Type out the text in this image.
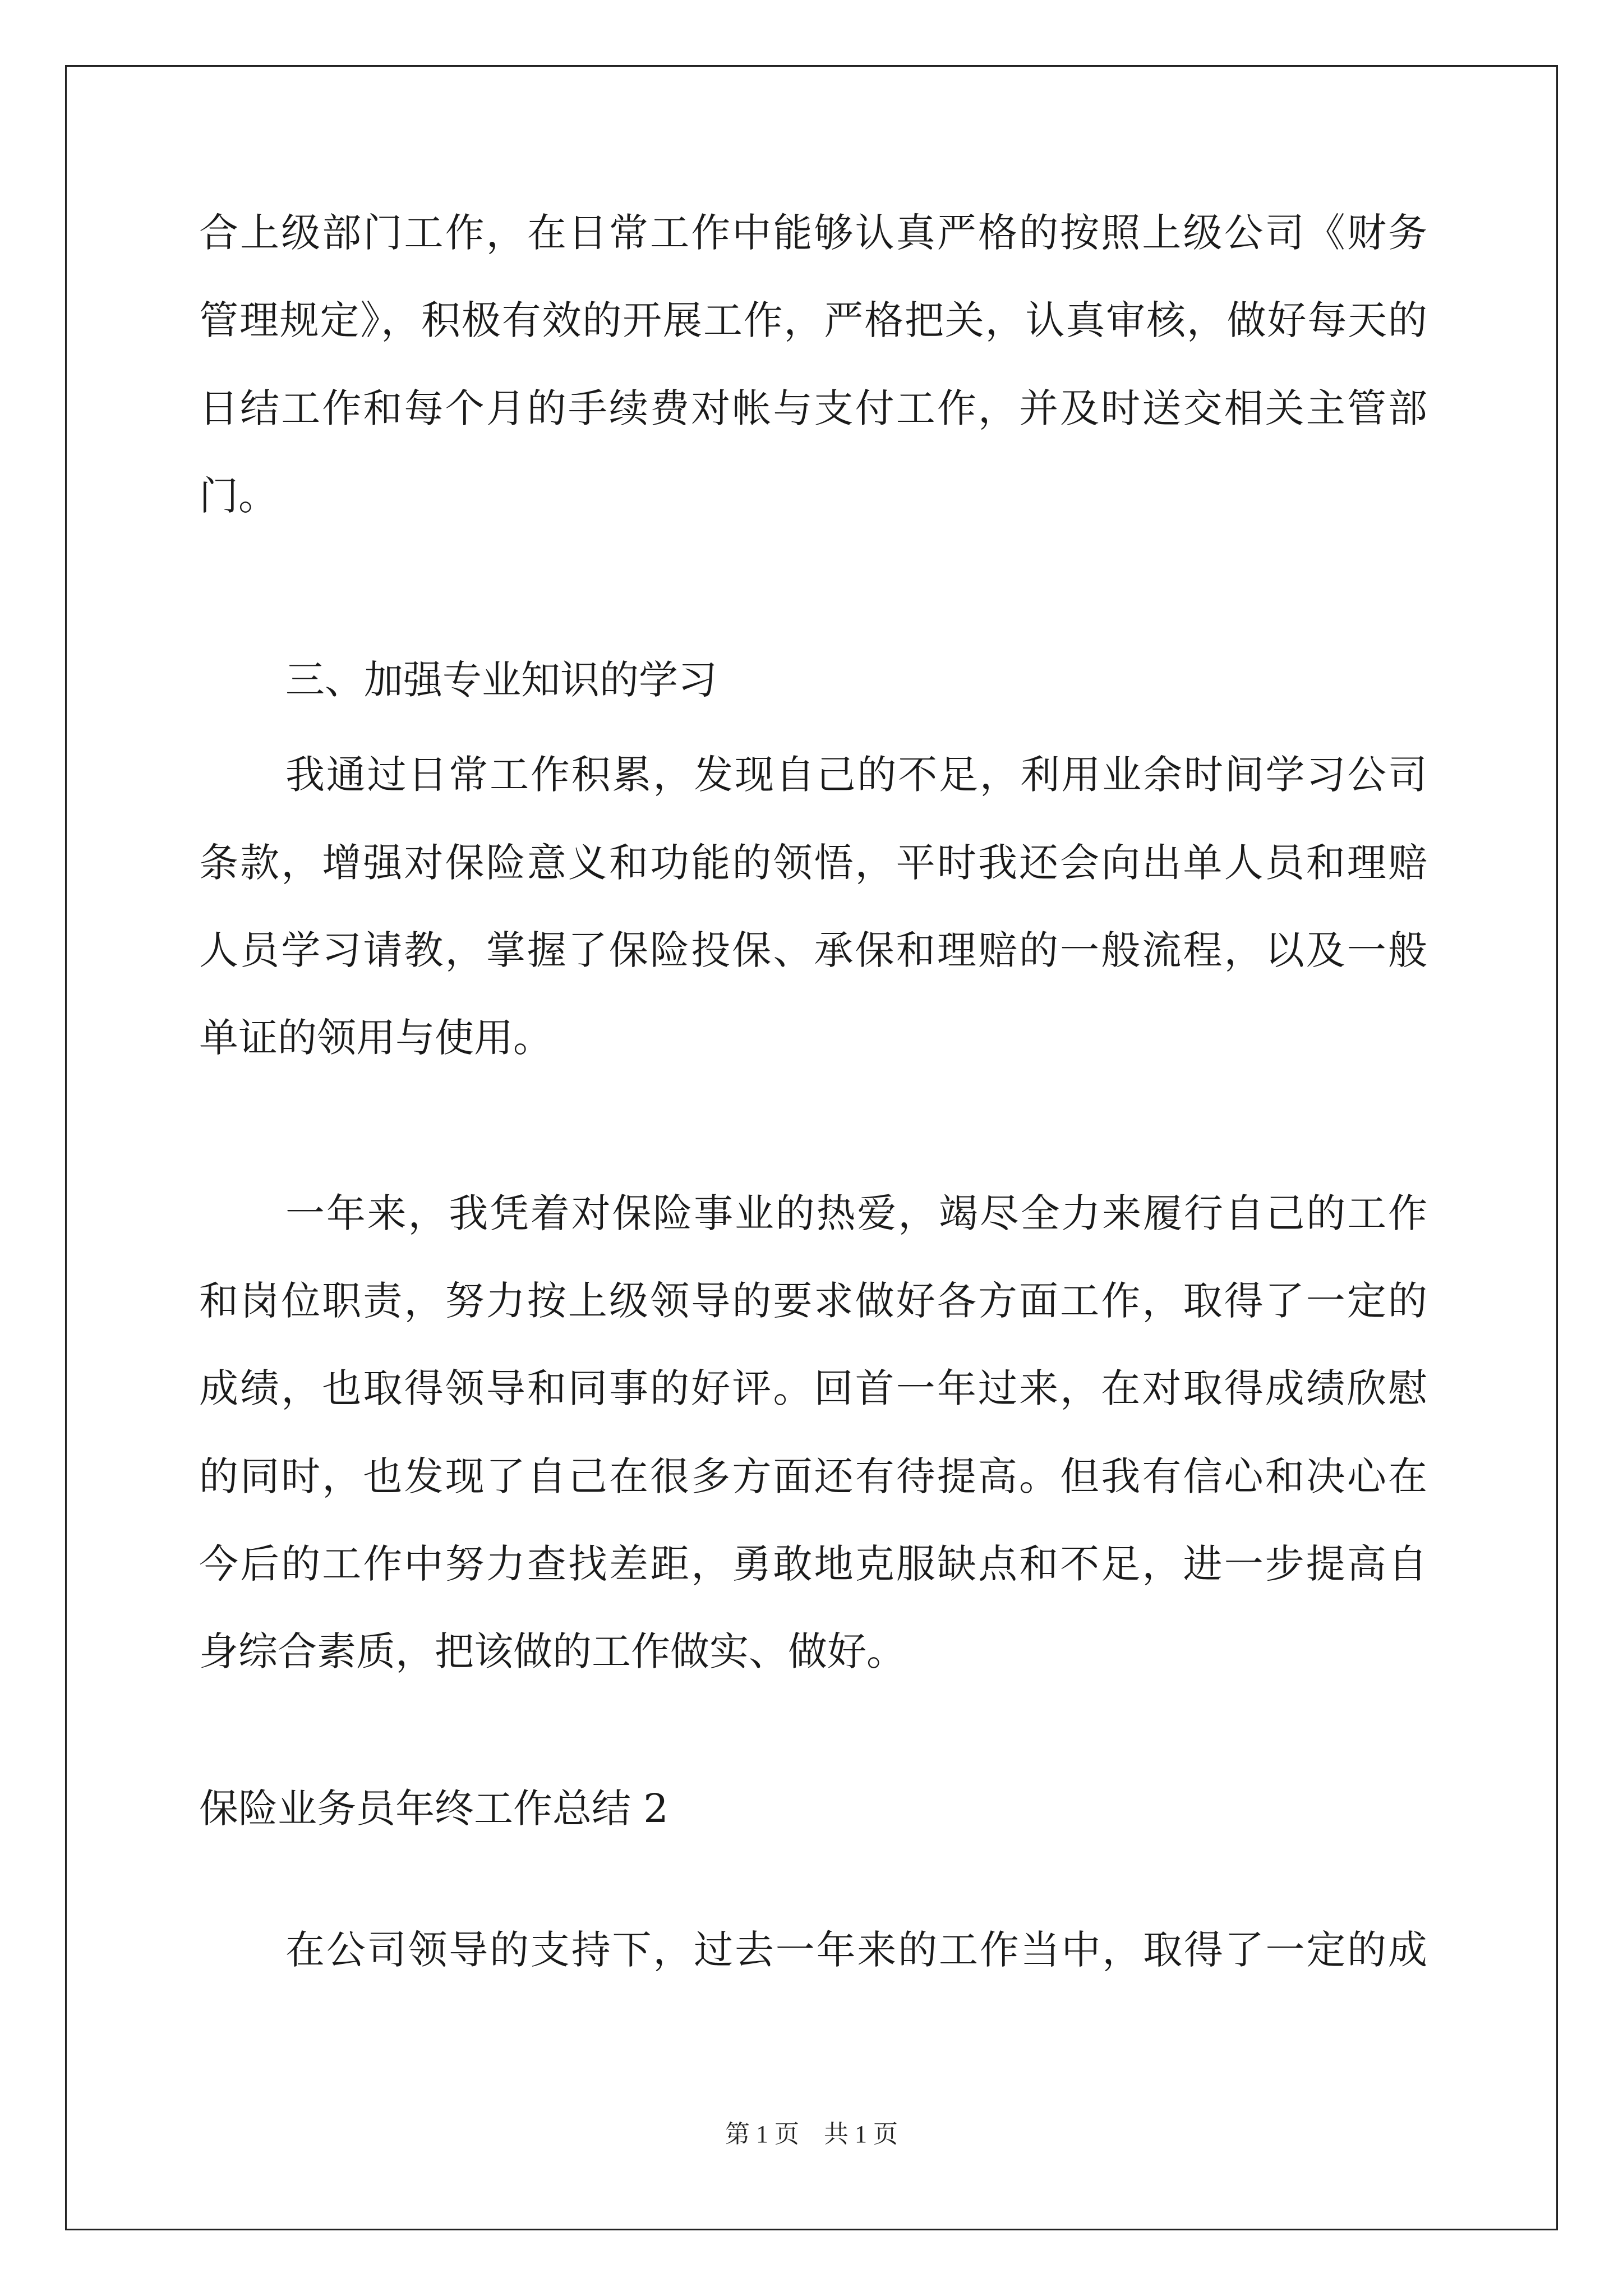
合上级部门工作，在日常工作中能够认真严格的按照上级公司《财务
管理规定》，积极有效的开展工作，严格把关，认真审核，做好每天的
日结工作和每个月的手续费对帐与支付工作，并及时送交相关主管部
门。
三、加强专业知识的学习
我通过日常工作积累，发现自己的不足，利用业余时间学习公司
条款，增强对保险意义和功能的领悟，平时我还会向出单人员和理赔
人员学习请教，掌握了保险投保、承保和理赔的一般流程，以及一般
单证的领用与使用。
一年来，我凭着对保险事业的热爱，竭尽全力来履行自己的工作
和岗位职责，努力按上级领导的要求做好各方面工作，取得了一定的
成绩，也取得领导和同事的好评。回首一年过来，在对取得成绩欣慰
的同时，也发现了自己在很多方面还有待提高。但我有信心和决心在
今后的工作中努力查找差距，勇敢地克服缺点和不足，进一步提高自
身综合素质，把该做的工作做实、做好。
保险业务员年终工作总结 2
在公司领导的支持下，过去一年来的工作当中，取得了一定的成
第 1 页　共 1 页
